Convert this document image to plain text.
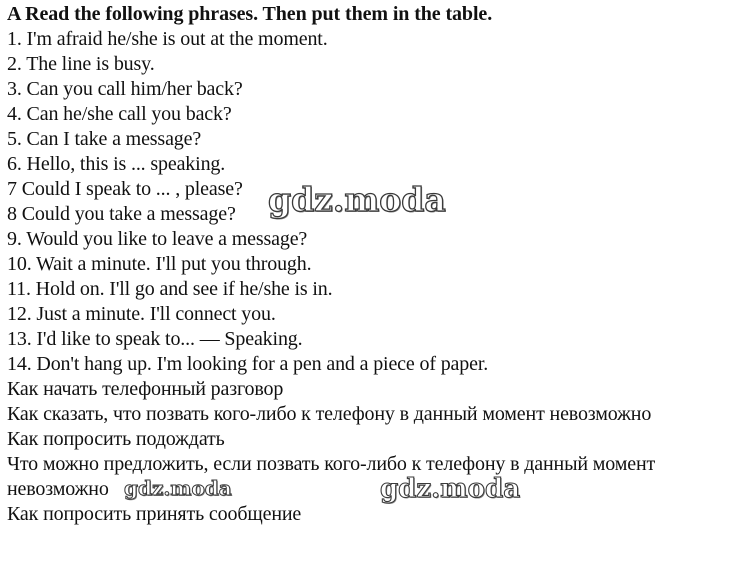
A Read the following phrases. Then put them in the table.
1. I'm afraid he/she is out at the moment.
2. The line is busy.
3. Can you call him/her back?
4. Can he/she call you back?
5. Can I take a message?
6. Hello, this is ... speaking.
7 Could I speak to ... , please?
8 Could you take a message?
9. Would you like to leave a message?
10. Wait a minute. I'll put you through.
11. Hold on. I'll go and see if he/she is in.
12. Just a minute. I'll connect you.
13. I'd like to speak to... — Speaking.
14. Don't hang up. I'm looking for a pen and a piece of paper.
Как начать телефонный разговор
Как сказать, что позвать кого-либо к телефону в данный момент невозможно
Как попросить подождать
Что можно предложить, если позвать кого-либо к телефону в данный момент
невозможно
Как попросить принять сообщение
gdz.moda
gdz.moda	gdz.moda
